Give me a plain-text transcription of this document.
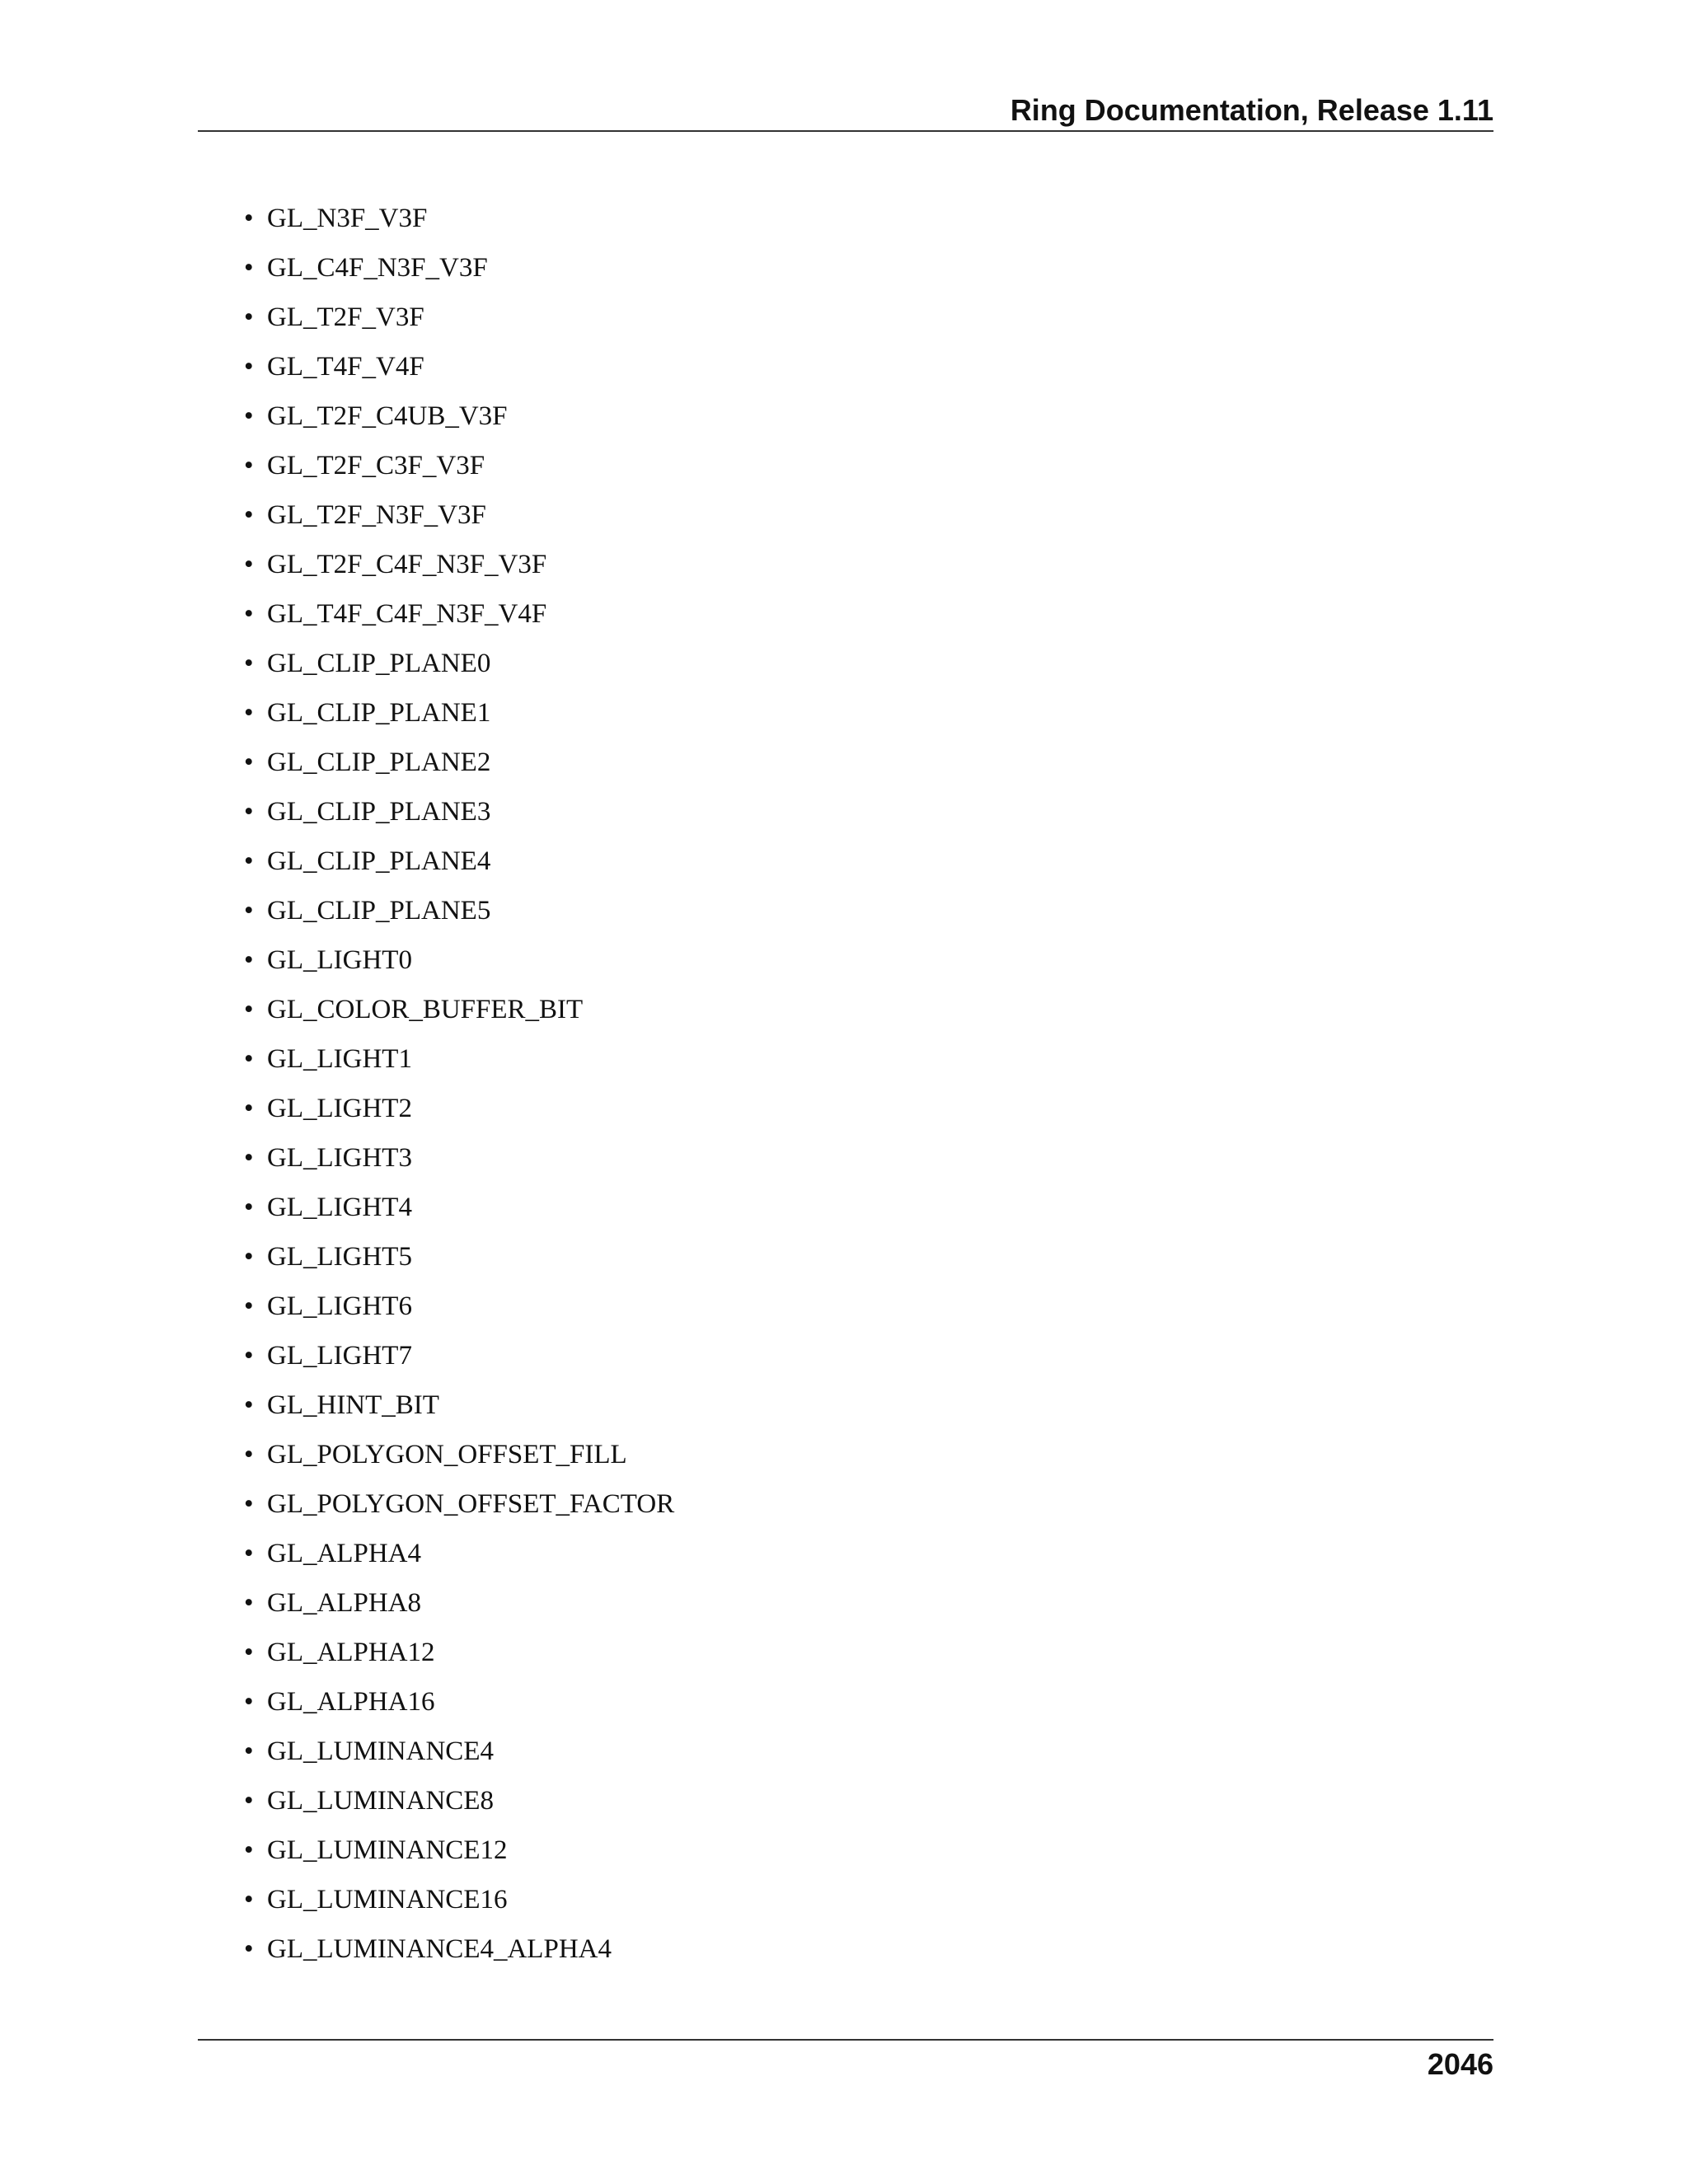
Ring Documentation, Release 1.11
• GL_N3F_V3F
• GL_C4F_N3F_V3F
• GL_T2F_V3F
• GL_T4F_V4F
• GL_T2F_C4UB_V3F
• GL_T2F_C3F_V3F
• GL_T2F_N3F_V3F
• GL_T2F_C4F_N3F_V3F
• GL_T4F_C4F_N3F_V4F
• GL_CLIP_PLANE0
• GL_CLIP_PLANE1
• GL_CLIP_PLANE2
• GL_CLIP_PLANE3
• GL_CLIP_PLANE4
• GL_CLIP_PLANE5
• GL_LIGHT0
• GL_COLOR_BUFFER_BIT
• GL_LIGHT1
• GL_LIGHT2
• GL_LIGHT3
• GL_LIGHT4
• GL_LIGHT5
• GL_LIGHT6
• GL_LIGHT7
• GL_HINT_BIT
• GL_POLYGON_OFFSET_FILL
• GL_POLYGON_OFFSET_FACTOR
• GL_ALPHA4
• GL_ALPHA8
• GL_ALPHA12
• GL_ALPHA16
• GL_LUMINANCE4
• GL_LUMINANCE8
• GL_LUMINANCE12
• GL_LUMINANCE16
• GL_LUMINANCE4_ALPHA4
2046
